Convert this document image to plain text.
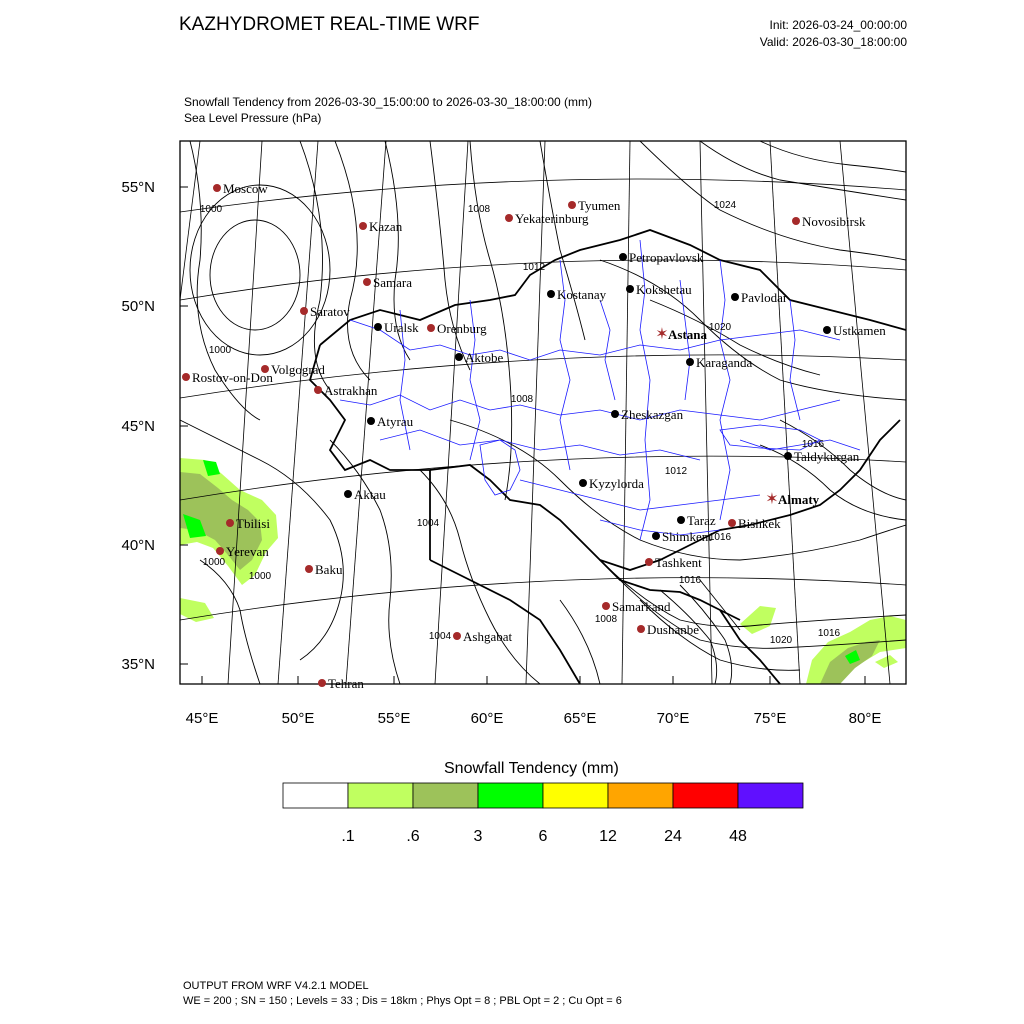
KAZHYDROMET REAL-TIME WRF	Init: 2026-03-24_00:00:00
Valid: 2026-03-30_18:00:00
Snowfall Tendency from 2026-03-30_15:00:00 to 2026-03-30_18:00:00 (mm)
Sea Level Pressure (hPa)
55°N
50°N
45°N
40°N
35°N
45°E	50°E	55°E	60°E	65°E	70°E	75°E	80°E
1000	1008	1024
1012
1000
1020
1016
1008
1016
1012
1004
1004
1000
1008
1016
1020
1016
1000
Moscow
Kazan
Samara
Saratov
Volgograd
Rostov-on-Don
Astrakhan
Orenburg
Tyumen
Yekaterinburg	Novosibirsk
Tbilisi
Yerevan
Baku
Ashgabat
Tehran
Samarkand
Dushanbe
Tashkent
Bishkek
Uralsk
Aktobe
Atyrau
Aktau
Kostanay
Petropavlovsk
Kokshetau
Pavlodar
Ustkamen
Karaganda
Zheskazgan
Kyzylorda
Taraz
Shimkent
Taldykurgan
✶ Astana
✶ Almaty
.1	.6	3	6	12	24	48
Snowfall Tendency (mm)
OUTPUT FROM WRF V4.2.1 MODEL
WE = 200 ; SN = 150 ; Levels = 33 ; Dis = 18km ; Phys Opt = 8 ; PBL Opt = 2 ; Cu Opt = 6
